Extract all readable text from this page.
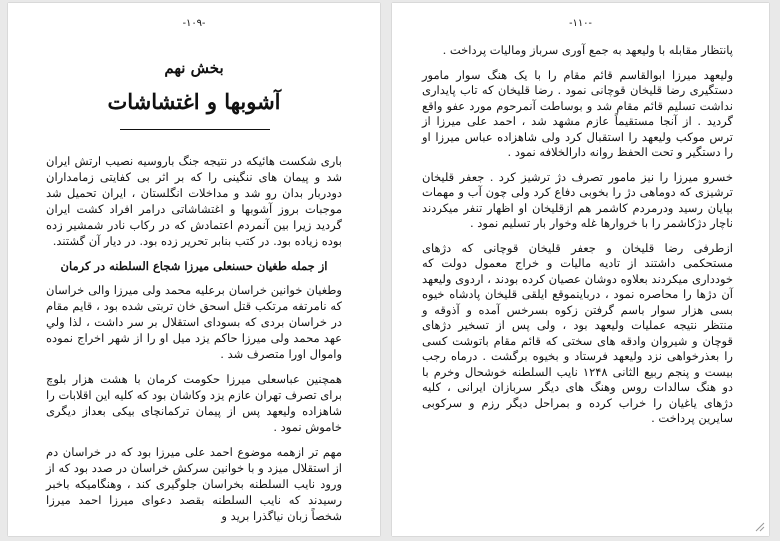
-۱۰۹-
بخش نهم
آشوبها و اغتشاشات

بارى شکست هائيکه در نتيجه جنگ باروسيه نصيب ارتش ايران شد و پيمان هاى ننگينى را که بر اثر بى کفايتى زمامداران دودربار بدان رو شد و مداخلات انگلستان ، ايران تحميل شد موجبات بروز آشوبها و اغتشاشاتى درامر افراد کشت ايران گرديد زيرا بين آنمردم اعتمادش که در رکاب نادر شمشير زده بوده زياده بود. در کتب بنابر تحرير زده بود. در ديار آن گشتند.

از جمله طغيان حسنعلى ميرزا شجاع السلطنه در کرمان

وطغيان خوانين خراسان برعليه محمد ولى ميرزا والى خراسان که نامرتفه مرتکب قتل اسحق خان تربتى شده بود ، قايم مقام در خراسان بردى که بسوداى استقلال بر سر داشت ، لذا ولي عهد محمد ولى ميرزا حاکم يزد ميل او را از شهر اخراج نموده واموال اورا متصرف شد .

همچنين عباسعلى ميرزا حکومت کرمان با هشت هزار بلوچ براى تصرف تهران عازم يزد وکاشان بود که کليه اين اقلابات را شاهزاده وليعهد پس از پيمان ترکمانچاى بيکى بعداز ديگرى خاموش نمود .

مهم تر ازهمه موضوع احمد على ميرزا بود که در خراسان دم از استقلال ميزد و با خوانين سرکش خراسان در صدد بود که از ورود نايب السلطنه بخراسان جلوگيرى کند ، وهنگاميکه باخبر رسيدند که نايب السلطنه بقصد دعواى ميرزا احمد ميرزا شخصاً زبان نياگذرا بريد و

-۱۱۰-

پانتظار مقابله با وليعهد به جمع آورى سرباز وماليات پرداخت .

وليعهد ميرزا ابوالقاسم قائم مقام را با يک هنگ سوار مامور دستگيرى رضا قليخان قوچانى نمود . رضا قليخان که تاب پايدارى نداشت تسليم قائم مقام شد و بوساطت آنمرحوم مورد عفو واقع گرديد . از آنجا مستقيماً عازم مشهد شد ، احمد على ميرزا از ترس موکب وليعهد را استقبال کرد ولى شاهزاده عباس ميرزا او را دستگير و تحت الحفظ روانه دارالخلافه نمود .

خسرو ميرزا را نيز مامور تصرف دژ ترشيز کرد . جعفر قليخان ترشيزى که دوماهى دژ را بخوبى دفاع کرد ولى چون آب و مهمات بپايان رسيد ودرمردم کاشمر هم ازقليخان او اظهار تنفر ميکردند ناچار دژکاشمر را با خروارها غله وخوار بار تسليم نمود .

ازطرفى رضا قليخان و جعفر قليخان قوچانى که دژهاى مستحکمى داشتند از تاديه ماليات و خراج معمول دولت که خودداری ميکردند بعلاوه دوشان عصيان کرده بودند ، اردوى وليعهد آن دژها را محاصره نمود ، درباينموقع ايلقى قليخان پادشاه خيوه بسى هزار سوار باسم گرفتن زکوه بسرخس آمده و آذوقه و منتظر نتيجه عمليات وليعهد بود ، ولى پس از تسخير دژهاى قوچان و شيروان وادقه هاى سختى که قائم مقام باتوشت کسى را بعذرخواهى نزد وليعهد فرستاد و بخيوه برگشت . درماه رجب بيست و پنجم ربيع الثانى ۱۲۴۸ نايب السلطنه خوشحال وخرم با دو هنگ سالدات روس وهنگ هاى ديگر سربازان ايرانى ، کليه دژهاى ياغيان را خراب کرده و بمراحل ديگر رزم و سرکوبى سايرين پرداخت .
